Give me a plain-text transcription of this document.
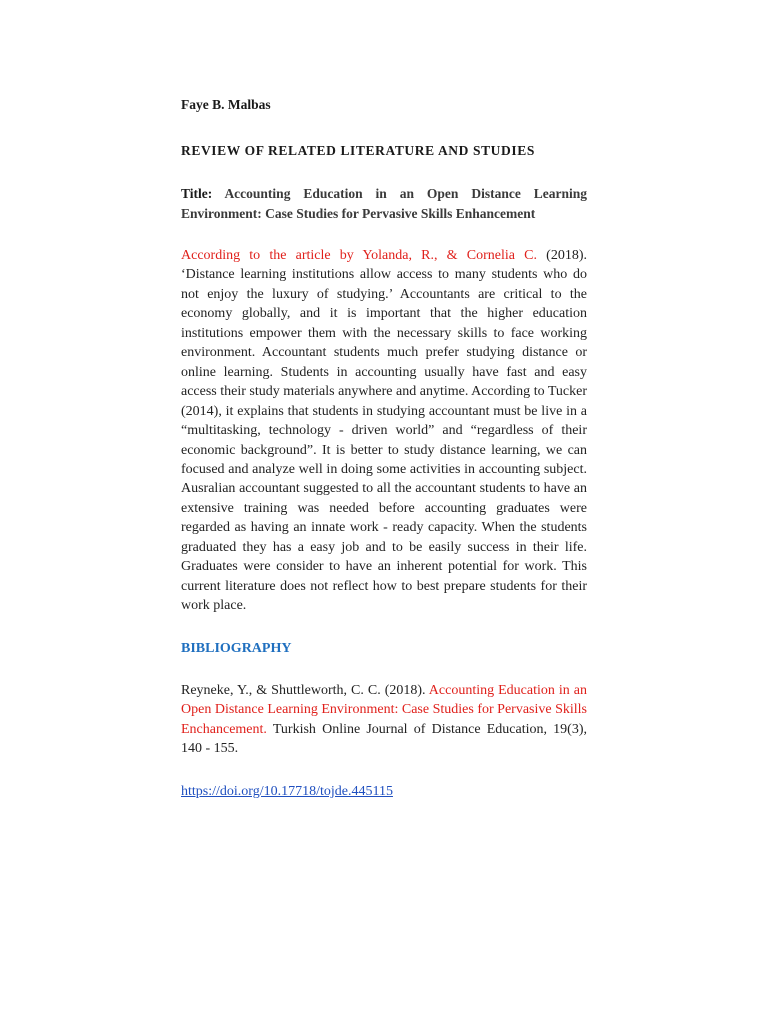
Faye B. Malbas

REVIEW OF RELATED LITERATURE AND STUDIES

Title: Accounting Education in an Open Distance Learning Environment: Case Studies for Pervasive Skills Enhancement

According to the article by Yolanda, R., & Cornelia C. (2018). ‘Distance learning institutions allow access to many students who do not enjoy the luxury of studying.’ Accountants are critical to the economy globally, and it is important that the higher education institutions empower them with the necessary skills to face working environment. Accountant students much prefer studying distance or online learning. Students in accounting usually have fast and easy access their study materials anywhere and anytime. According to Tucker (2014), it explains that students in studying accountant must be live in a “multitasking, technology - driven world” and “regardless of their economic background”. It is better to study distance learning, we can focused and analyze well in doing some activities in accounting subject. Ausralian accountant suggested to all the accountant students to have an extensive training was needed before accounting graduates were regarded as having an innate work - ready capacity. When the students graduated they has a easy job and to be easily success in their life. Graduates were consider to have an inherent potential for work. This current literature does not reflect how to best prepare students for their work place.

BIBLIOGRAPHY

Reyneke, Y., & Shuttleworth, C. C. (2018). Accounting Education in an Open Distance Learning Environment: Case Studies for Pervasive Skills Enchancement. Turkish Online Journal of Distance Education, 19(3), 140 - 155.

https://doi.org/10.17718/tojde.445115
